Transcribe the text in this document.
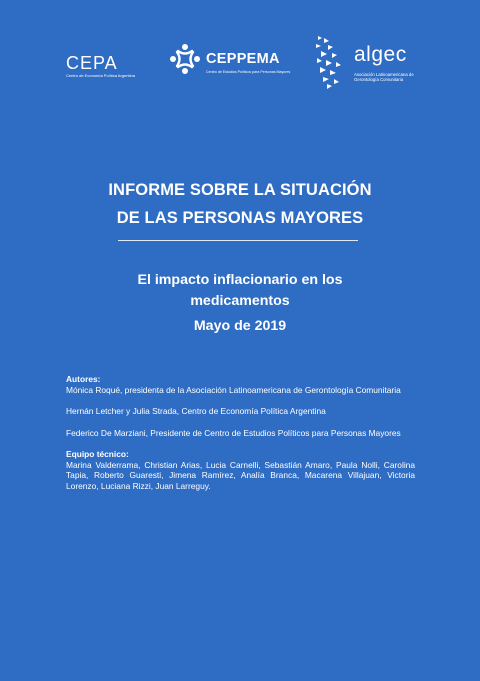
CEPA
Centro de Economía Política Argentina
CEPPEMA
Centro de Estudios Políticos para Personas Mayores
algec
Asociación Latinoamericana de
Gerontología Comunitaria
INFORME SOBRE LA SITUACIÓN
DE LAS PERSONAS MAYORES
El impacto inflacionario en los
medicamentos
Mayo de 2019

Autores:

Mónica Roqué, presidenta de la Asociación Latinoamericana de Gerontología Comunitaria

Hernán Letcher y Julia Strada, Centro de Economía Política Argentina

Federico De Marziani, Presidente de Centro de Estudios Políticos para Personas Mayores

Equipo técnico:

Marina Valderrama, Christian Arias, Lucia Carnelli, Sebastián Amaro, Paula Nolli, Carolina Tapia, Roberto Guaresti, Jimena Ramírez, Analía Branca, Macarena Villajuan, Victoria Lorenzo, Luciana Rizzi, Juan Larreguy.
